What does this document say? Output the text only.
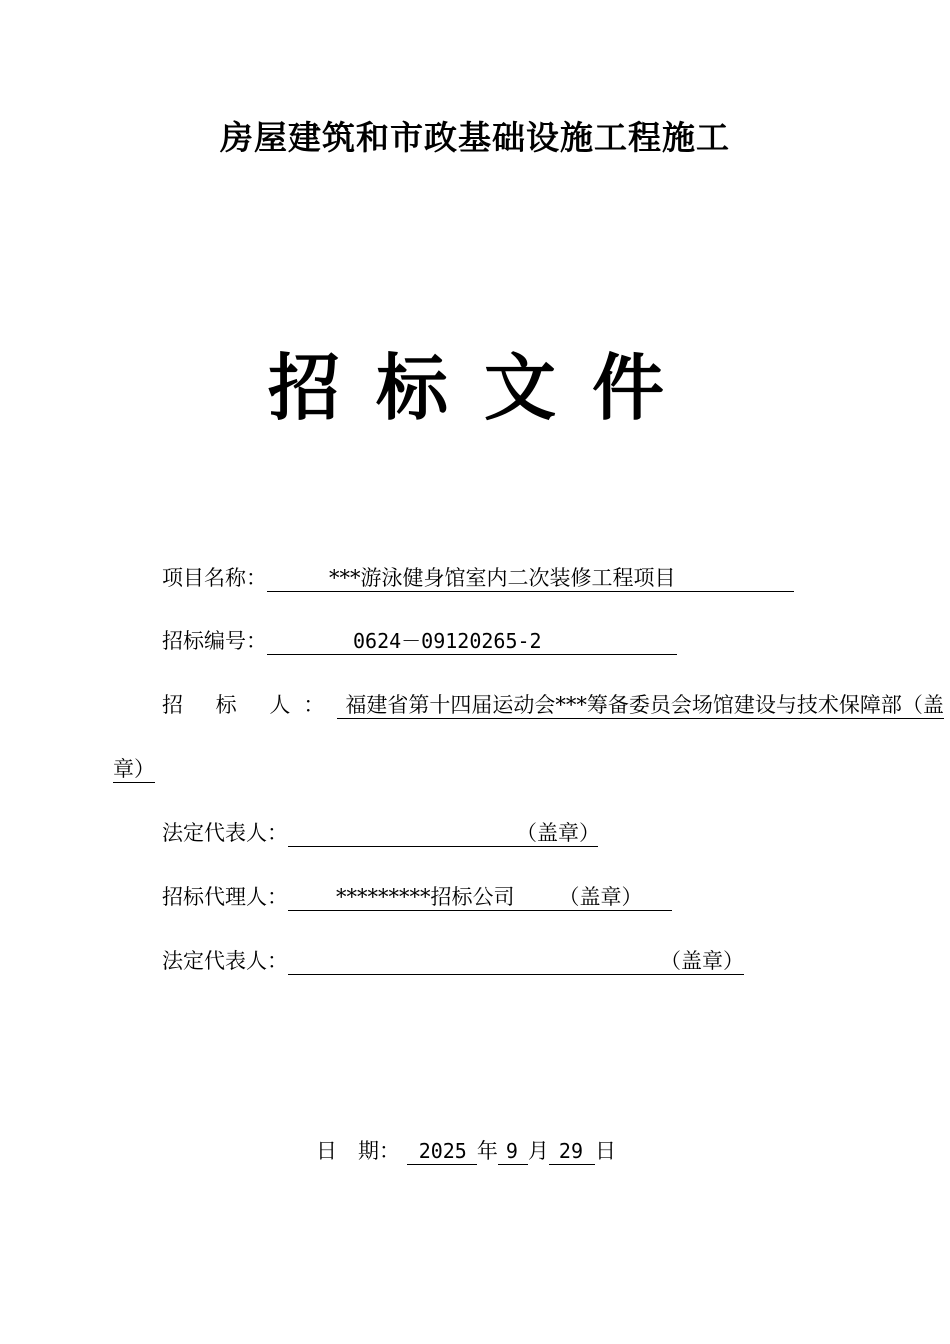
房屋建筑和市政基础设施工程施工
招标文件
项目名称：	***游泳健身馆室内二次装修工程项目
招标编号：	0624－09120265-2
招 标 人： 福建省第十四届运动会***筹备委员会场馆建设与技术保障部（盖
章）
法定代表人：	（盖章）
招标代理人： *********招标公司 （盖章）
法定代表人：	（盖章）
日　期： 2025 年 9 月 29 日
